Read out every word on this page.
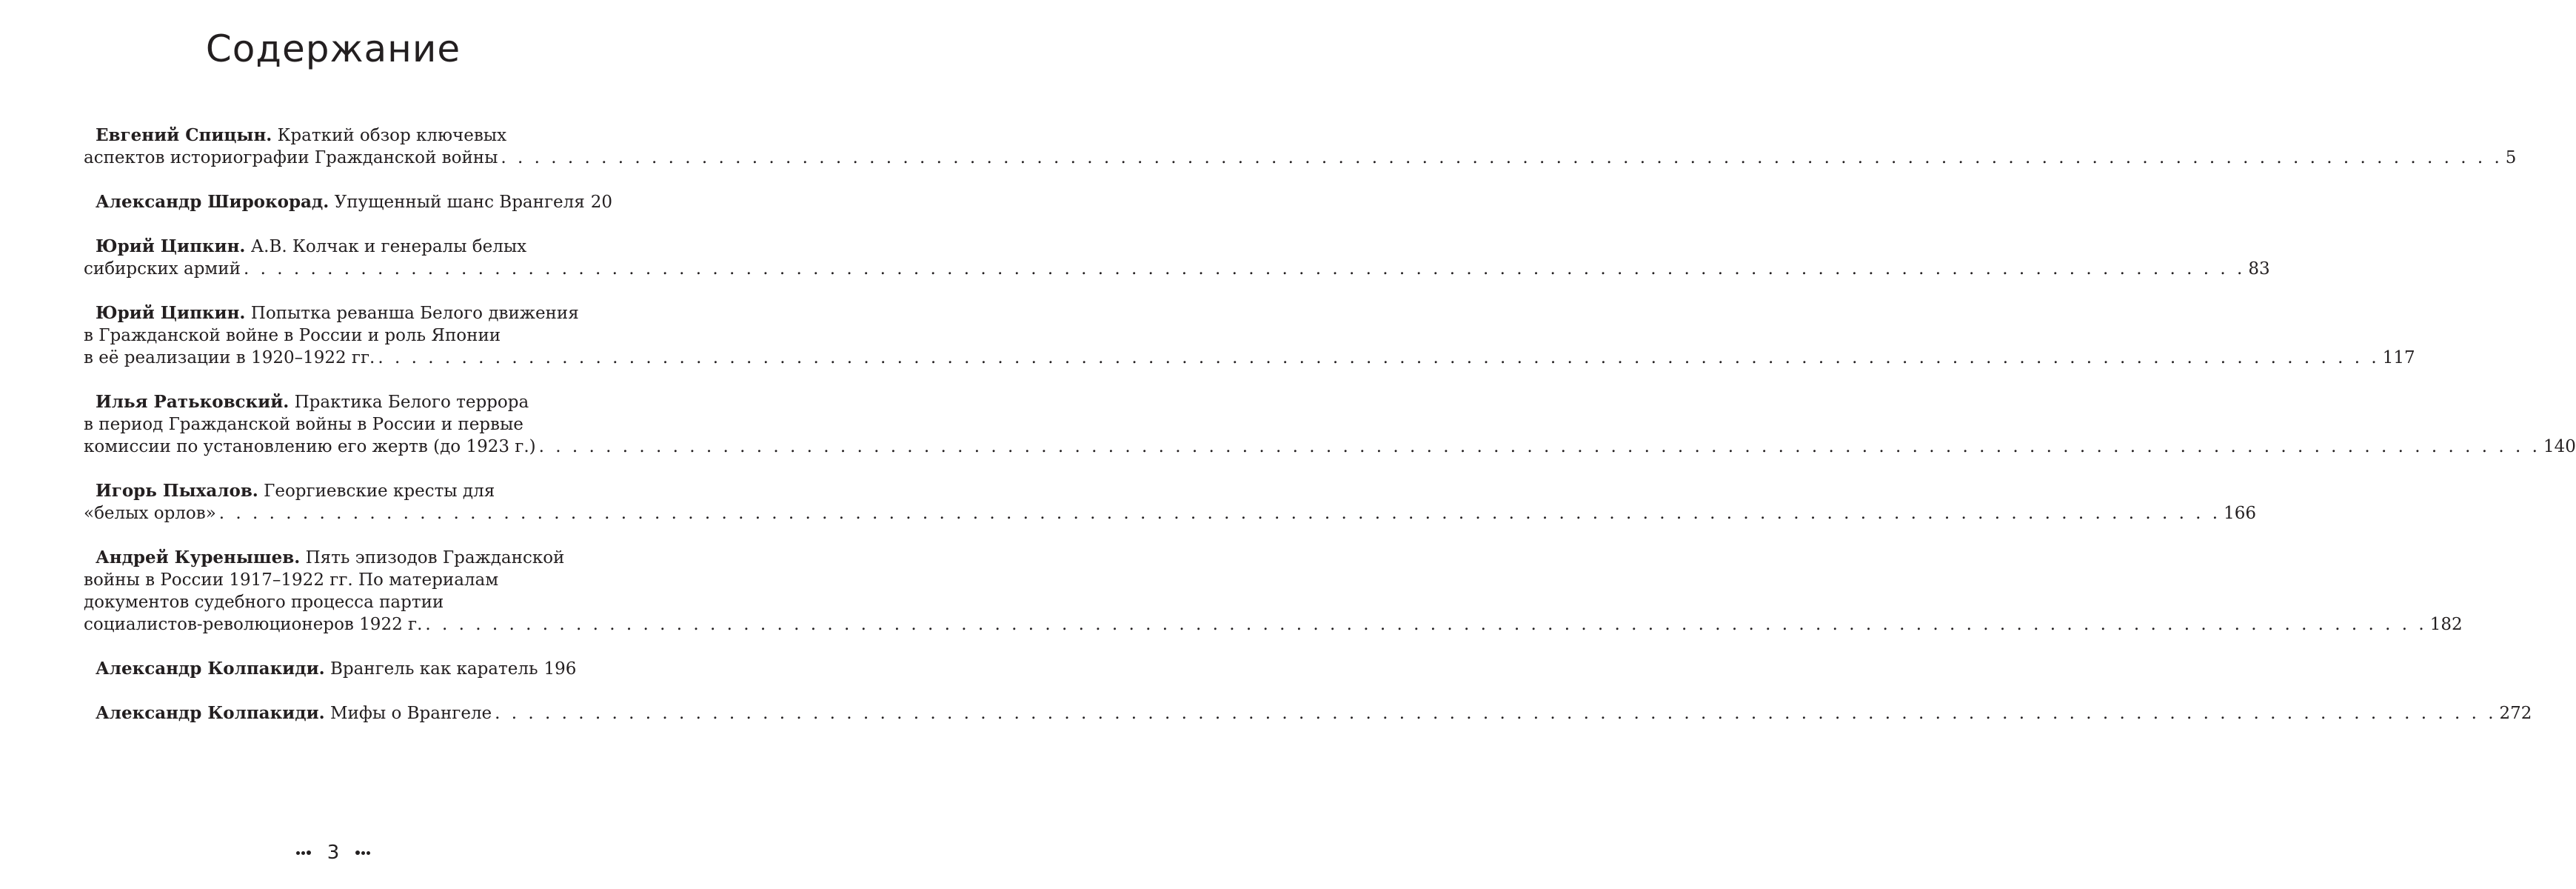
Содержание
Евгений Спицын. Краткий обзор ключевых
аспектов историографии Гражданской войны . . . . . . . . . . . . . . . . . . . . . . . . . . . . . . . . . . . . . . . . . . . . . . . . . . . . . . . . . . . . . . . . . . . . . . . . . . . . . . . . . . . . . . . . . . . . . . . . . . . . . . . . . . . . . . . . . . . . . . . . 5
Александр Широкорад. Упущенный шанс Врангеля 20
Юрий Ципкин. А.В. Колчак и генералы белых
сибирских армий . . . . . . . . . . . . . . . . . . . . . . . . . . . . . . . . . . . . . . . . . . . . . . . . . . . . . . . . . . . . . . . . . . . . . . . . . . . . . . . . . . . . . . . . . . . . . . . . . . . . . . . . . . . . . . . . . . . . . . . . 83
Юрий Ципкин. Попытка реванша Белого движения
в Гражданской войне в России и роль Японии
в её реализации в 1920–1922 гг. . . . . . . . . . . . . . . . . . . . . . . . . . . . . . . . . . . . . . . . . . . . . . . . . . . . . . . . . . . . . . . . . . . . . . . . . . . . . . . . . . . . . . . . . . . . . . . . . . . . . . . . . . . . . . . . . . . . . . . . . 117
Илья Ратьковский. Практика Белого террора
в период Гражданской войны в России и первые
комиссии по установлению его жертв (до 1923 г.) . . . . . . . . . . . . . . . . . . . . . . . . . . . . . . . . . . . . . . . . . . . . . . . . . . . . . . . . . . . . . . . . . . . . . . . . . . . . . . . . . . . . . . . . . . . . . . . . . . . . . . . . . . . . . . . . . . . . . . . . 140
Игорь Пыхалов. Георгиевские кресты для
«белых орлов» . . . . . . . . . . . . . . . . . . . . . . . . . . . . . . . . . . . . . . . . . . . . . . . . . . . . . . . . . . . . . . . . . . . . . . . . . . . . . . . . . . . . . . . . . . . . . . . . . . . . . . . . . . . . . . . . . . . . . . . . 166
Андрей Куренышев. Пять эпизодов Гражданской
войны в России 1917–1922 гг. По материалам
документов судебного процесса партии
социалистов-революционеров 1922 г. . . . . . . . . . . . . . . . . . . . . . . . . . . . . . . . . . . . . . . . . . . . . . . . . . . . . . . . . . . . . . . . . . . . . . . . . . . . . . . . . . . . . . . . . . . . . . . . . . . . . . . . . . . . . . . . . . . . . . . . . 182
Александр Колпакиди. Врангель как каратель 196
Александр Колпакиди. Мифы о Врангеле . . . . . . . . . . . . . . . . . . . . . . . . . . . . . . . . . . . . . . . . . . . . . . . . . . . . . . . . . . . . . . . . . . . . . . . . . . . . . . . . . . . . . . . . . . . . . . . . . . . . . . . . . . . . . . . . . . . . . . . . 272
3
